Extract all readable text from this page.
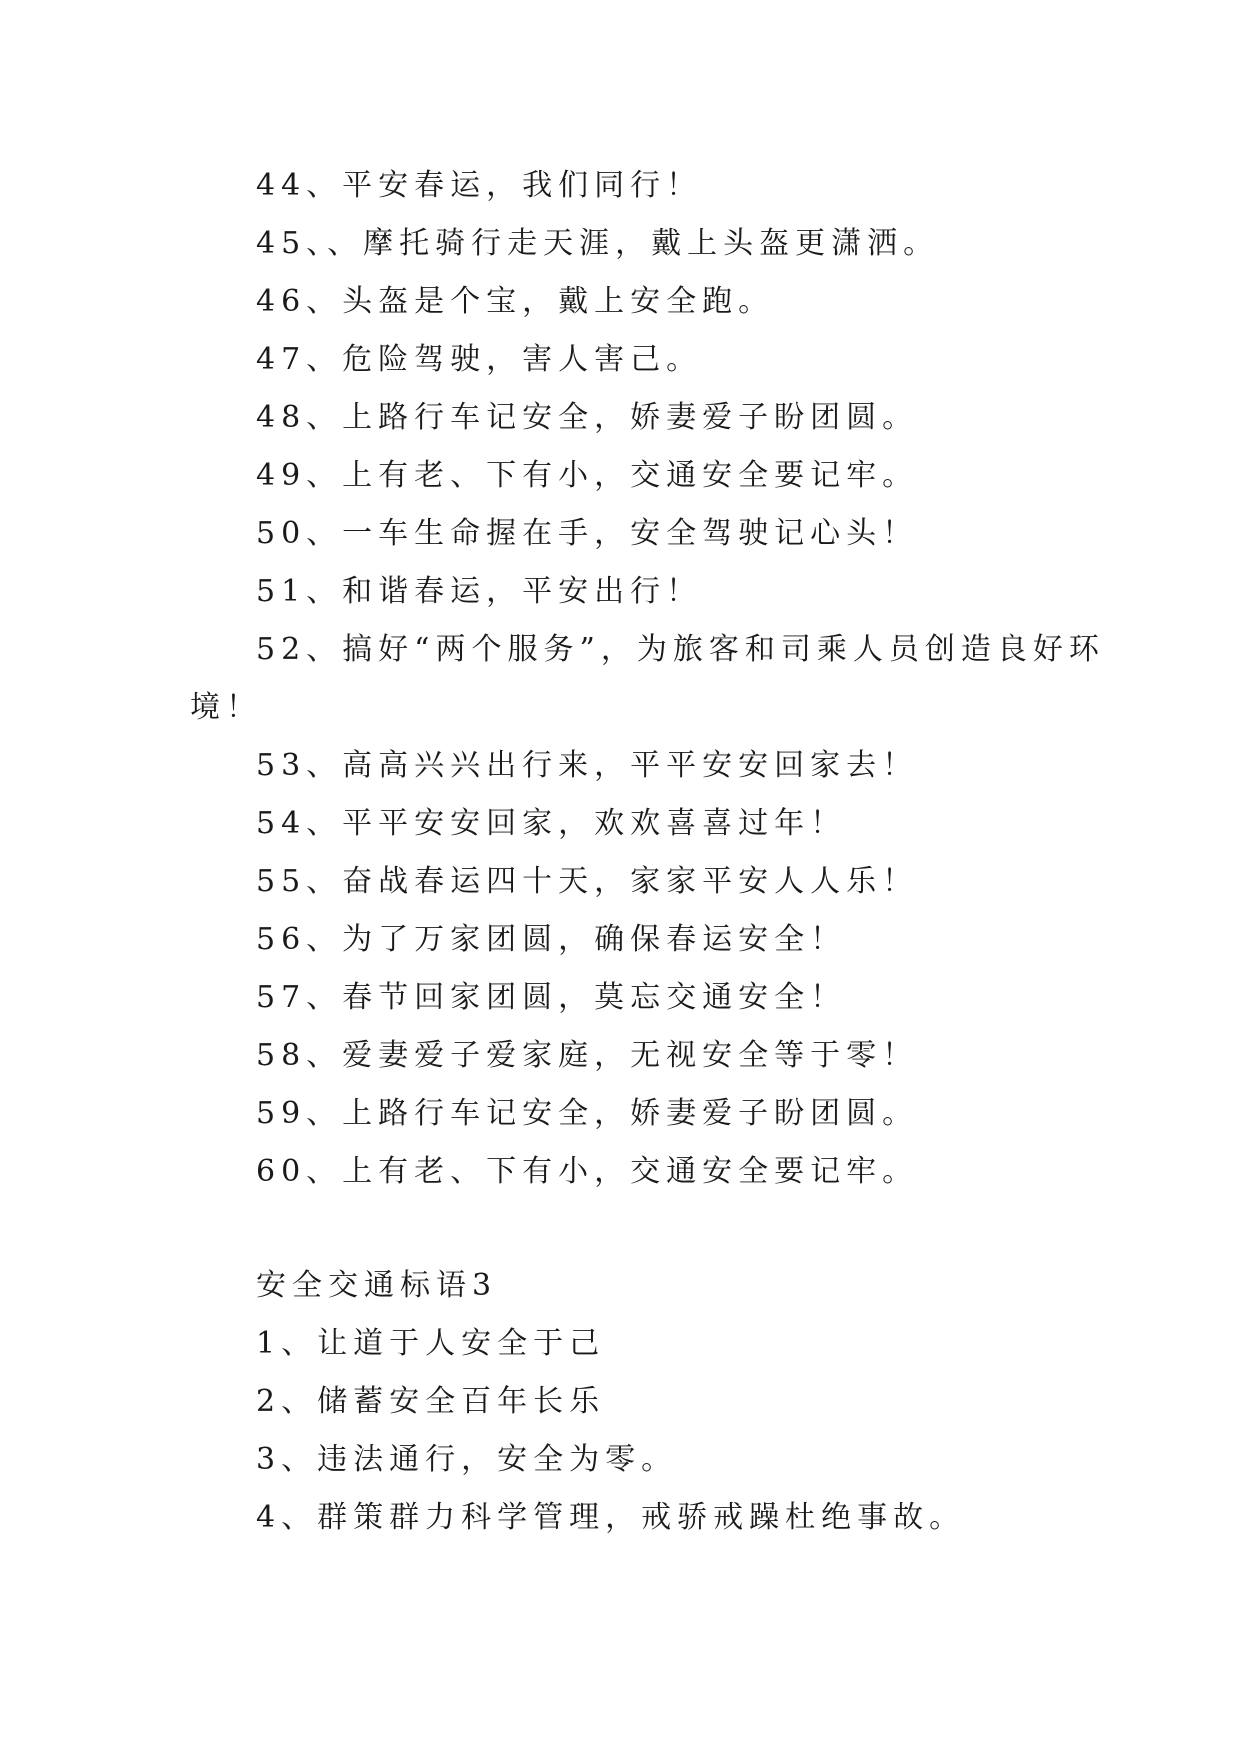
44、平安春运，我们同行！
45、、摩托骑行走天涯，戴上头盔更潇洒。
46、头盔是个宝，戴上安全跑。
47、危险驾驶，害人害己。
48、上路行车记安全，娇妻爱子盼团圆。
49、上有老、下有小，交通安全要记牢。
50、一车生命握在手，安全驾驶记心头！
51、和谐春运，平安出行！
52、搞好“两个服务”，为旅客和司乘人员创造良好环
境！
53、高高兴兴出行来，平平安安回家去！
54、平平安安回家，欢欢喜喜过年！
55、奋战春运四十天，家家平安人人乐！
56、为了万家团圆，确保春运安全！
57、春节回家团圆，莫忘交通安全！
58、爱妻爱子爱家庭，无视安全等于零！
59、上路行车记安全，娇妻爱子盼团圆。
60、上有老、下有小，交通安全要记牢。
安全交通标语3
1、让道于人安全于己
2、储蓄安全百年长乐
3、违法通行，安全为零。
4、群策群力科学管理，戒骄戒躁杜绝事故。
